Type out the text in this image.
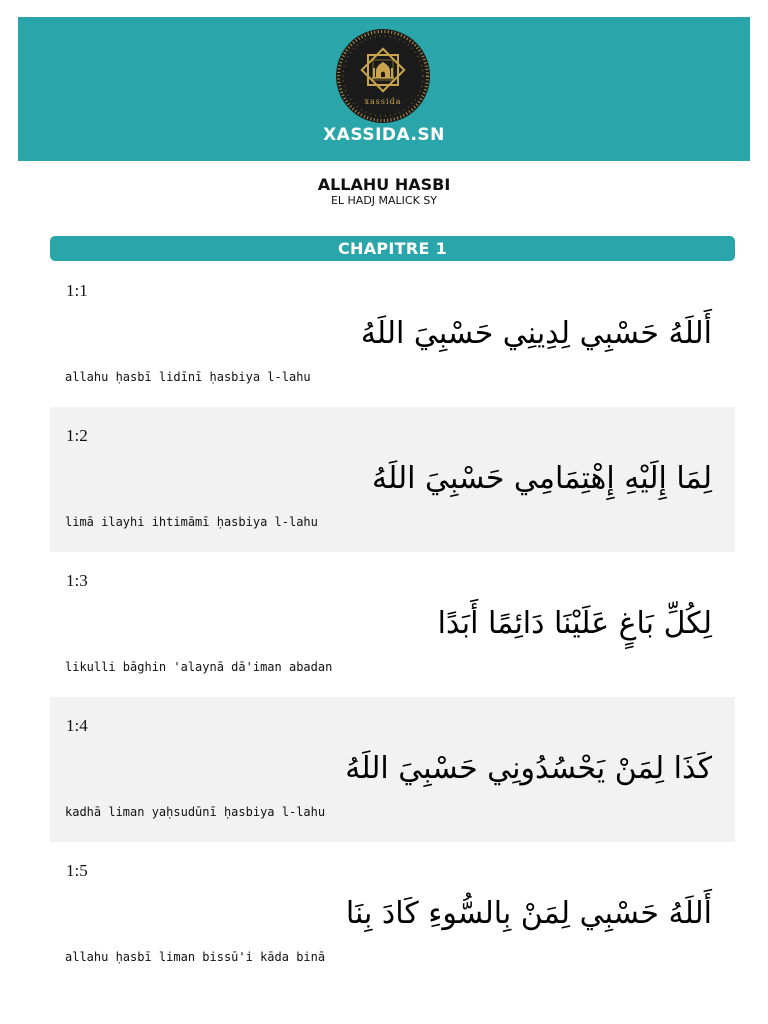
xassida
XASSIDA.SN
ALLAHU HASBI
EL HADJ MALICK SY
CHAPITRE 1
1:1
أَللَهُ حَسْبِي لِدِينِي حَسْبِيَ اللَهُ
allahu ḥasbī lidīnī ḥasbiya l-lahu
1:2
لِمَا إِلَيْهِ إِهْتِمَامِي حَسْبِيَ اللَهُ
limā ilayhi ihtimāmī ḥasbiya l-lahu
1:3
لِكُلِّ بَاغٍ عَلَيْنَا دَائِمًا أَبَدًا
likulli bāghin 'alaynā dā'iman abadan
1:4
كَذَا لِمَنْ يَحْسُدُونِي حَسْبِيَ اللَهُ
kadhā liman yaḥsudūnī ḥasbiya l-lahu
1:5
أَللَهُ حَسْبِي لِمَنْ بِالسُّوءِ كَادَ بِنَا
allahu ḥasbī liman bissū'i kāda binā
